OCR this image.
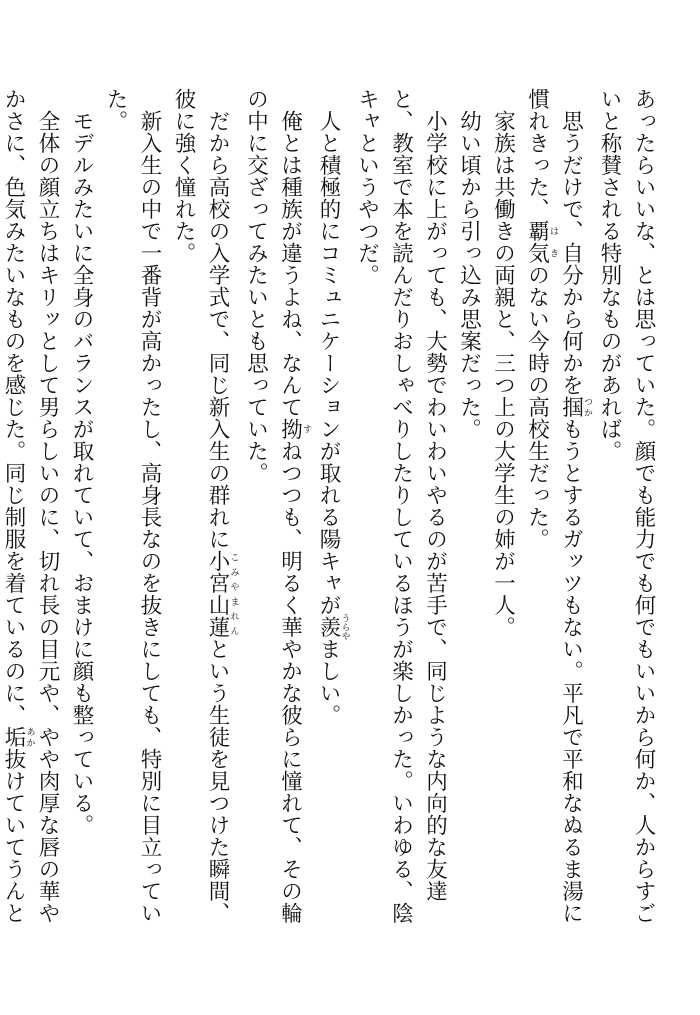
あったらいいな、とは思っていた。顔でも能力でも何でもいいから何か、人からすごいと称賛される特別なものがあれば。

思うだけで、自分から何かを掴つかもうとするガッツもない。平凡で平和なぬるま湯に慣れきった、覇気はきのない今時の高校生だった。

家族は共働きの両親と、三つ上の大学生の姉が一人。

幼い頃から引っ込み思案だった。

小学校に上がっても、大勢でわいわいやるのが苦手で、同じような内向的な友達と、教室で本を読んだりおしゃべりしたりしているほうが楽しかった。いわゆる、陰キャというやつだ。

人と積極的にコミュニケーションが取れる陽キャが羨うらやましい。

俺とは種族が違うよね、なんて拗すねつつも、明るく華やかな彼らに憧れて、その輪の中に交ざってみたいとも思っていた。

だから高校の入学式で、同じ新入生の群れに小宮山蓮こみやまれんという生徒を見つけた瞬間、彼に強く憧れた。

新入生の中で一番背が高かったし、高身長なのを抜きにしても、特別に目立っていた。

モデルみたいに全身のバランスが取れていて、おまけに顔も整っている。

全体の顔立ちはキリッとして男らしいのに、切れ長の目元や、やや肉厚な唇の華やかさに、色気みたいなものを感じた。同じ制服を着ているのに、垢あか抜けていてうんと
